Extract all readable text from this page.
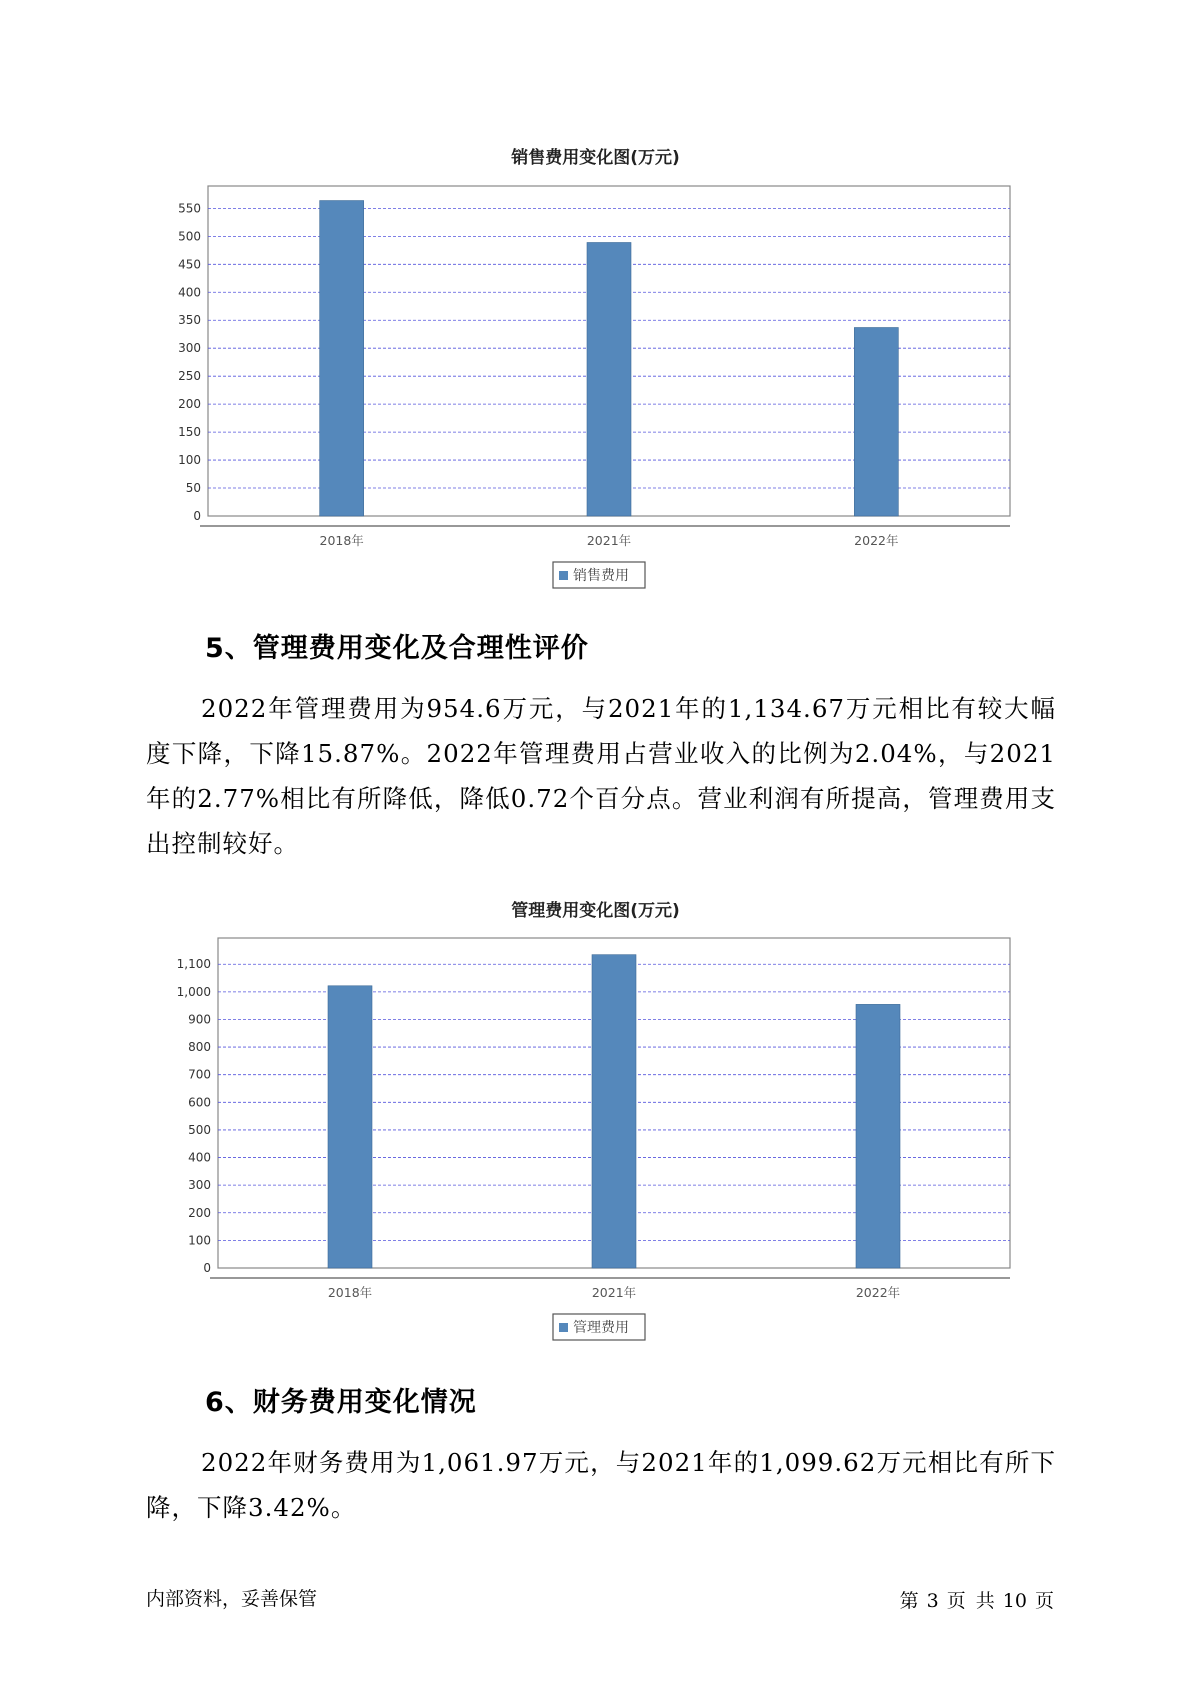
销售费用变化图(万元)
0
50
100
150
200
250
300
350
400
450
500
550
2018年	2021年	2022年
销售费用
5、管理费用变化及合理性评价
2022年管理费用为954.6万元，与2021年的1,134.67万元相比有较大幅度下降，下降15.87%。2022年管理费用占营业收入的比例为2.04%，与2021年的2.77%相比有所降低，降低0.72个百分点。营业利润有所提高，管理费用支出控制较好。
管理费用变化图(万元)
0
100
200
300
400
500
600
700
800
900
1,000
1,100
2018年	2021年	2022年
管理费用
6、财务费用变化情况
2022年财务费用为1,061.97万元，与2021年的1,099.62万元相比有所下降，下降3.42%。
内部资料，妥善保管	第 3 页 共 10 页
